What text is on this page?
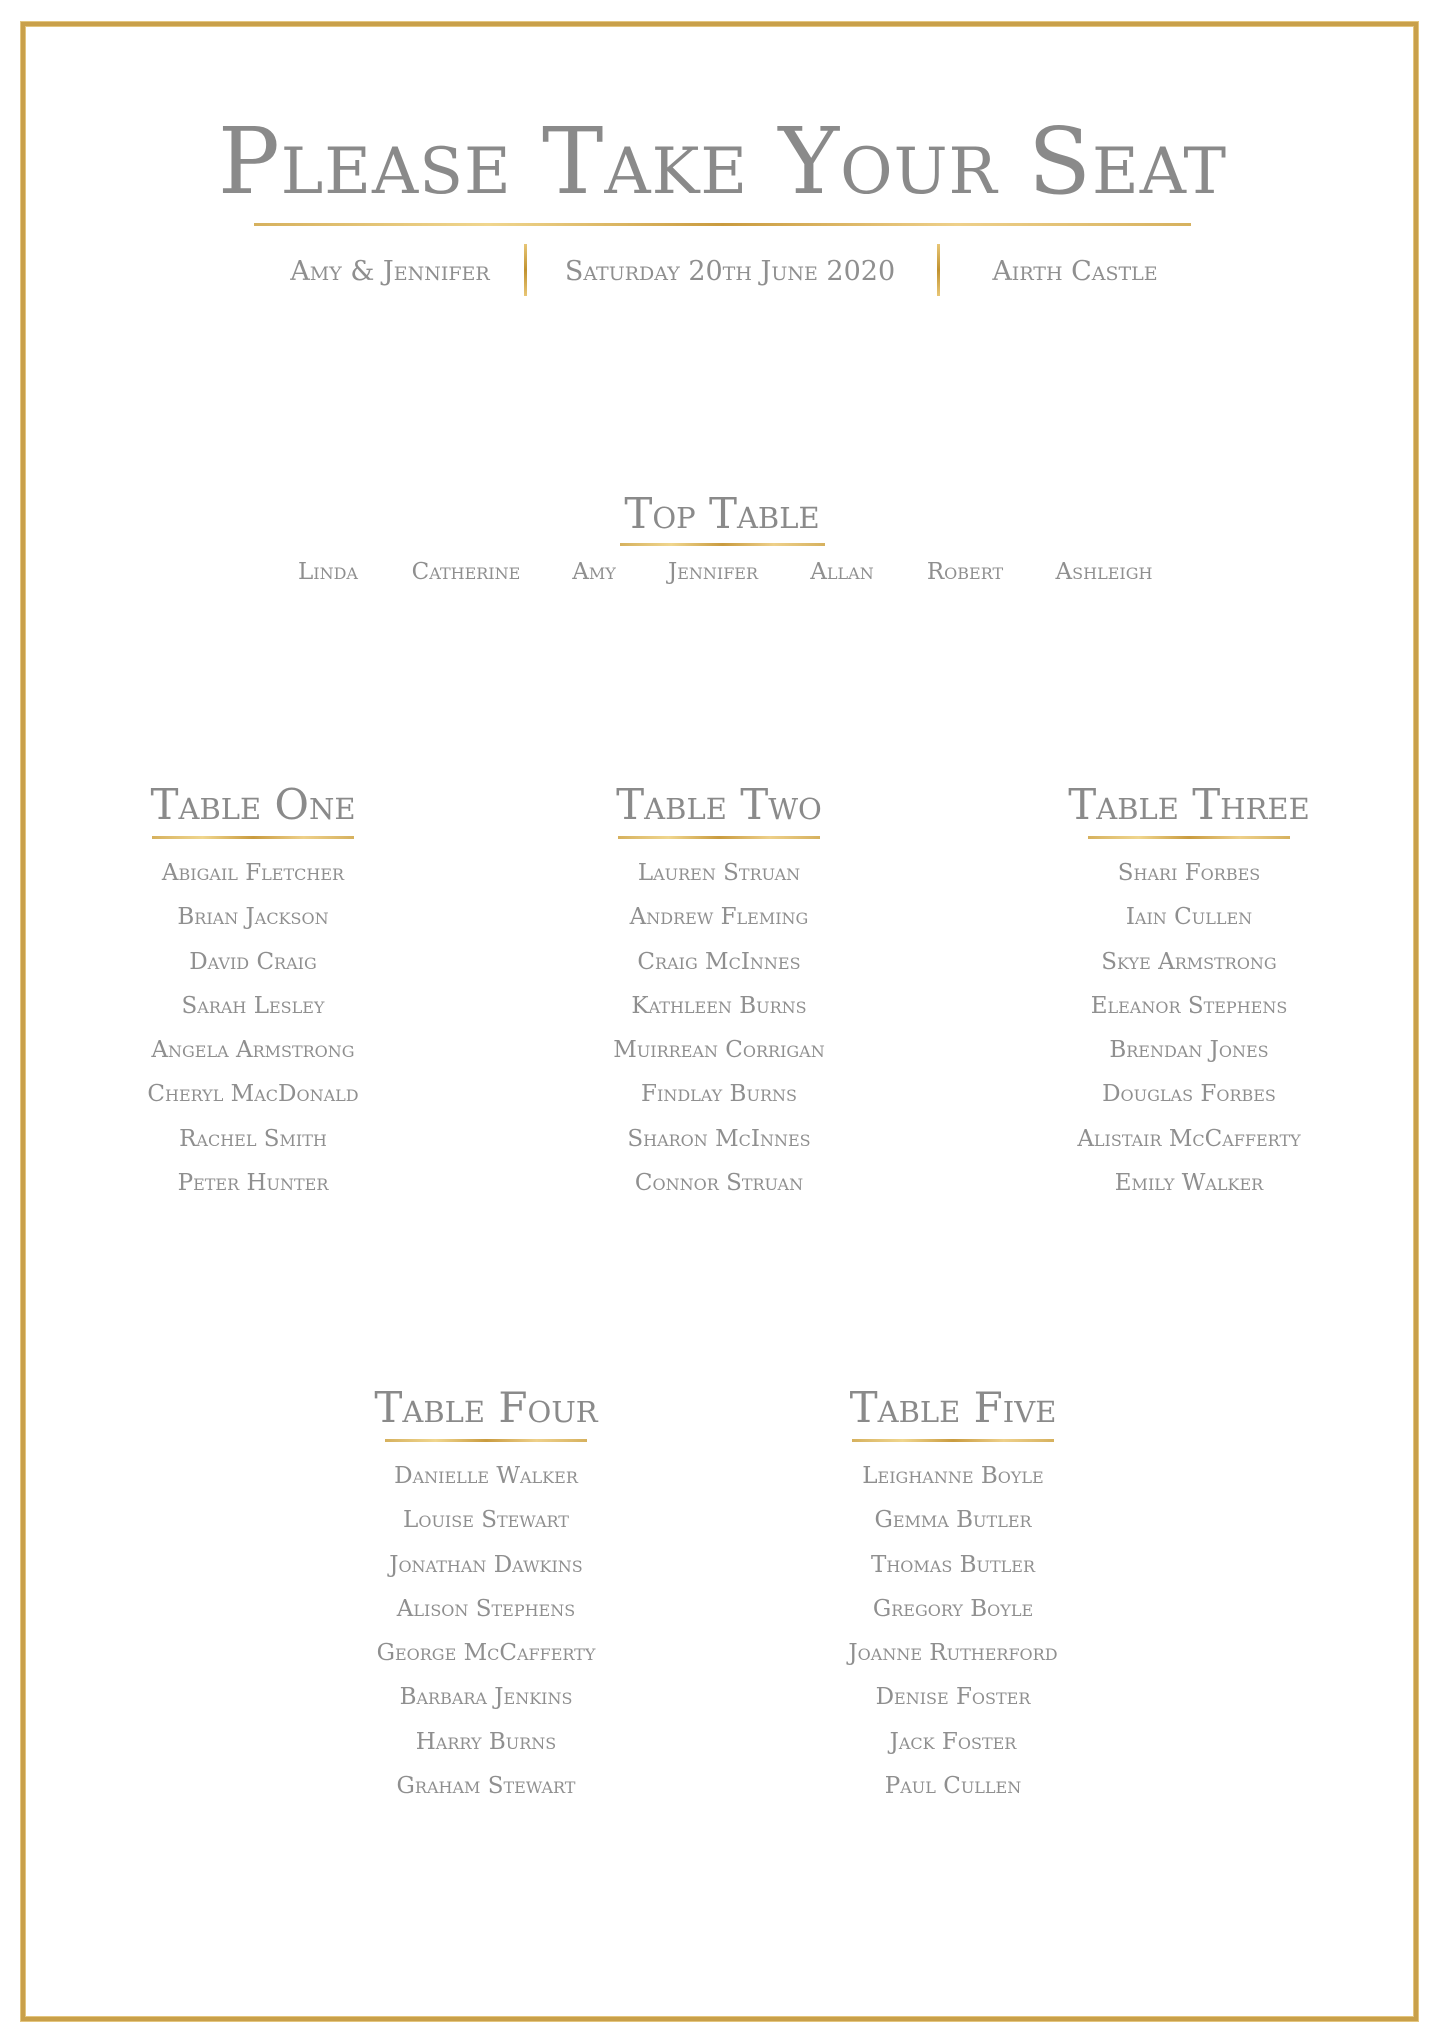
Please Take Your Seat
Amy & Jennifer	Saturday 20th June 2020	Airth Castle
Top Table
Linda Catherine Amy Jennifer Allan Robert Ashleigh
Table One
Abigail Fletcher
Brian Jackson
David Craig
Sarah Lesley
Angela Armstrong
Cheryl MacDonald
Rachel Smith
Peter Hunter
Table Two
Lauren Struan
Andrew Fleming
Craig McInnes
Kathleen Burns
Muirrean Corrigan
Findlay Burns
Sharon McInnes
Connor Struan
Table Three
Shari Forbes
Iain Cullen
Skye Armstrong
Eleanor Stephens
Brendan Jones
Douglas Forbes
Alistair McCafferty
Emily Walker
Table Four
Danielle Walker
Louise Stewart
Jonathan Dawkins
Alison Stephens
George McCafferty
Barbara Jenkins
Harry Burns
Graham Stewart
Table Five
Leighanne Boyle
Gemma Butler
Thomas Butler
Gregory Boyle
Joanne Rutherford
Denise Foster
Jack Foster
Paul Cullen
